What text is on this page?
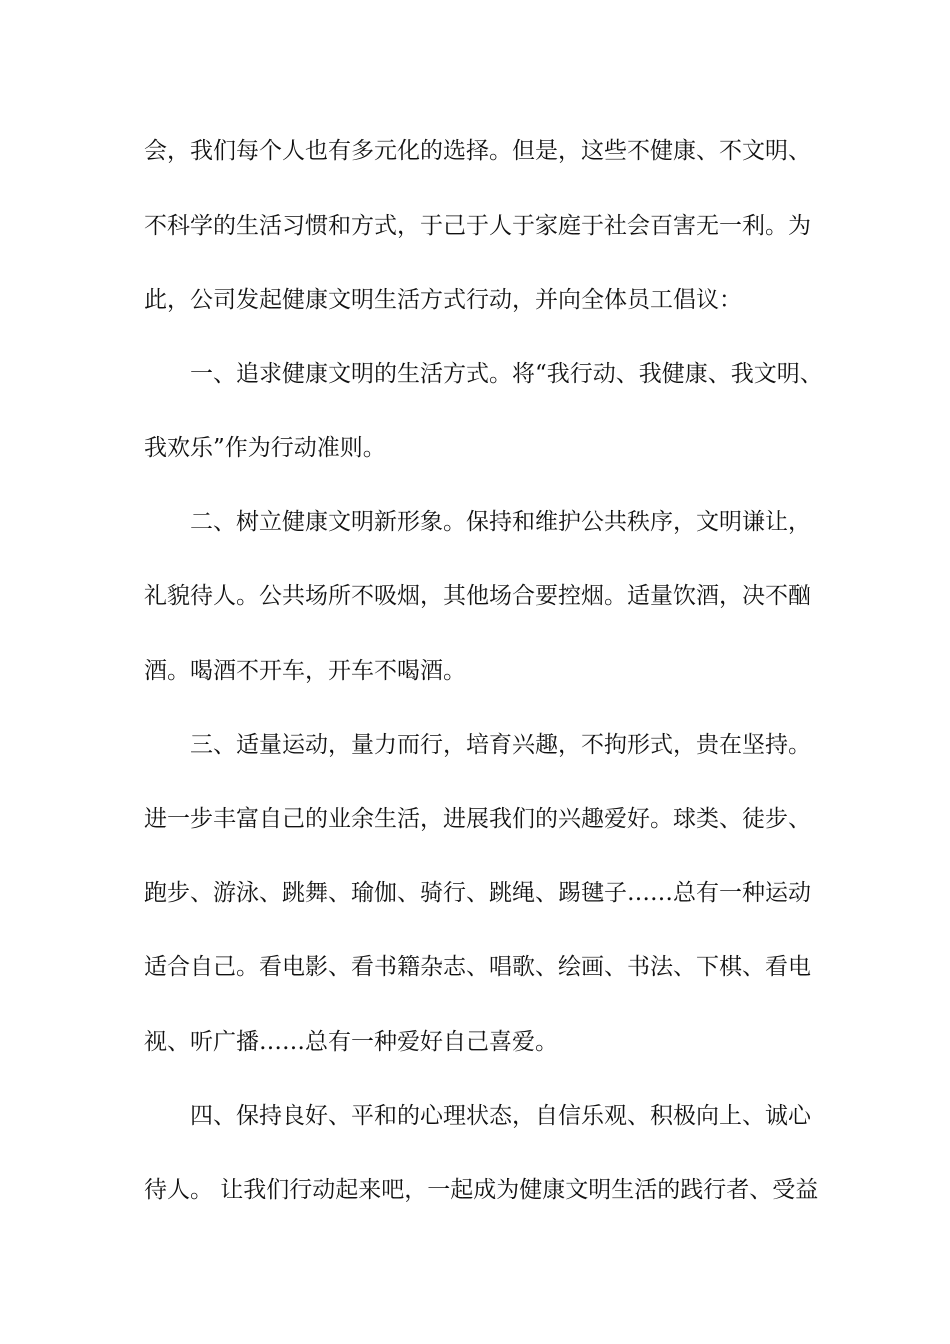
会，我们每个人也有多元化的选择。但是，这些不健康、不文明、
不科学的生活习惯和方式，于己于人于家庭于社会百害无一利。为
此，公司发起健康文明生活方式行动，并向全体员工倡议：
一、追求健康文明的生活方式。将“我行动、我健康、我文明、
我欢乐”作为行动准则。
二、树立健康文明新形象。保持和维护公共秩序，文明谦让，
礼貌待人。公共场所不吸烟，其他场合要控烟。适量饮酒，决不酗
酒。喝酒不开车，开车不喝酒。
三、适量运动，量力而行，培育兴趣，不拘形式，贵在坚持。
进一步丰富自己的业余生活，进展我们的兴趣爱好。球类、徒步、
跑步、游泳、跳舞、瑜伽、骑行、跳绳、踢毽子……总有一种运动
适合自己。看电影、看书籍杂志、唱歌、绘画、书法、下棋、看电
视、听广播……总有一种爱好自己喜爱。
四、保持良好、平和的心理状态，自信乐观、积极向上、诚心
待人。 让我们行动起来吧，一起成为健康文明生活的践行者、受益
